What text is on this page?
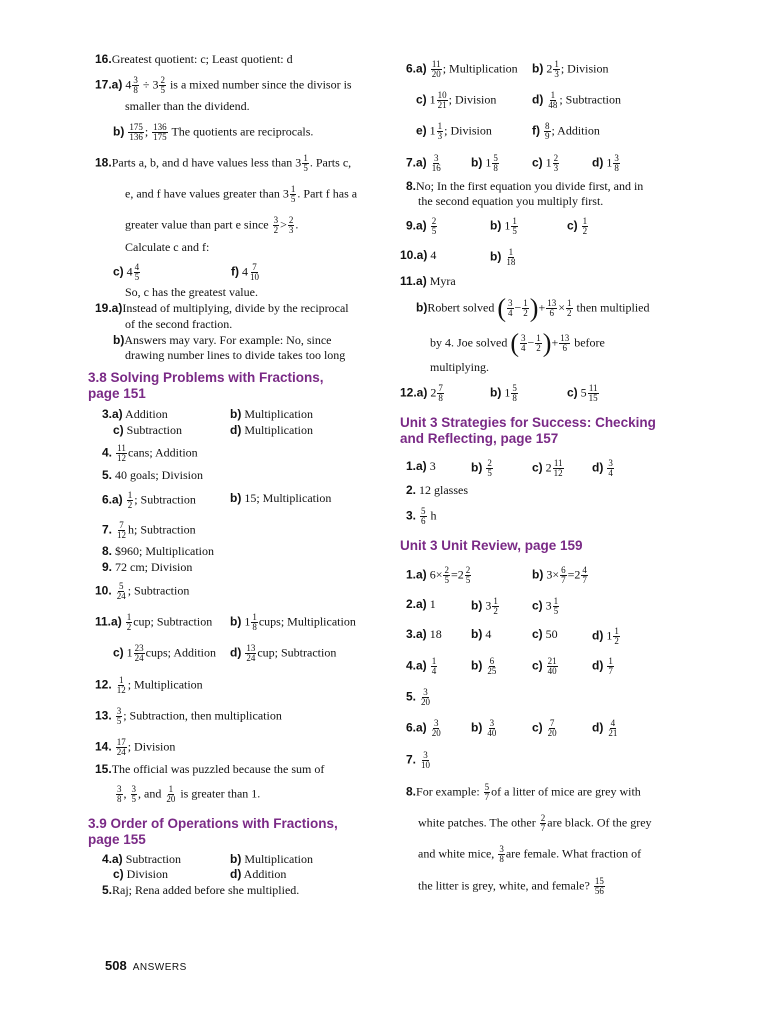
16.Greatest quotient: c; Least quotient: d
17.a) $4 \frac{3}{8} \div 3 \frac{2}{5}$ is a mixed number since the divisor is
smaller than the dividend.
$b) \frac{175}{136}$ ; $\frac{136}{175}$ The quotients are reciprocals.
18.Parts a, b, and d have values less than $3 \frac{1}{5}$ . Parts c,
e, and f have values greater than $3 \frac{1}{5}$ . Part f has a
greater value than part e since $\frac{3}{2} > \frac{2}{3}$ .
Calculate c and f:
c) $4 \frac{4}{5}$	f) $4 \frac{7}{10}$
So, c has the greatest value.
19.a)Instead of multiplying, divide by the reciprocal
of the second fraction.
b)Answers may vary. For example: No, since
drawing number lines to divide takes too long
3.8 Solving Problems with Fractions,
page 151
3.a) Addition	b) Multiplication
c) Subtraction	d) Multiplication
4. $\frac{11}{12}$ cans; Addition
5. 40 goals; Division
$6.a) \frac{1}{2}$ ; Subtraction	b) 15; Multiplication
7. $\frac{7}{12} h$; Subtraction
8. $960; Multiplication
9. 72 cm; Division
10. $\frac{5}{24}$ ; Subtraction
$11.a) \frac{1}{2}$ cup; Subtraction b) $1 \frac{1}{8}$ cups; Multiplication
c) $1 \frac{23}{24}$ cups; Addition $d) \frac{13}{24}$ cup; Subtraction
12. $\frac{1}{12}$ ; Multiplication
13. $\frac{3}{5}$ ; Subtraction, then multiplication
14. $\frac{17}{24}$ ; Division
15.The official was puzzled because the sum of
$\frac{3}{8}$ , $\frac{3}{5}$ , and $\frac{1}{20}$ is greater than 1.
3.9 Order of Operations with Fractions,
page 155
4.a) Subtraction	b) Multiplication
c) Division	d) Addition
5.Raj; Rena added before she multiplied.
$6.a) \frac{11}{20}$ ; Multiplication b) $2 \frac{1}{3}$ ; Division
c) $1 \frac{10}{21}$ ; Division	$d) \frac{1}{48}$ ; Subtraction
e) $1 \frac{1}{3}$ ; Division	$f) \frac{8}{9}$ ; Addition
$7.a) \frac{3}{16} b$) $1 \frac{5}{8}$	c) $1 \frac{2}{3}$	d) $1 \frac{3}{8}$
8.No; In the first equation you divide first, and in
the second equation you multiply first.
$9.a) \frac{2}{5}$	b) $1 \frac{1}{5}$	$c) \frac{1}{2}$
10.a) 4	$b) \frac{1}{18}$
11.a) Myra
b)Robert solved ( $\frac{3}{4} - \frac{1}{2}$ )+ $\frac{13}{6} \times \frac{1}{2}$ then multiplied
by 4. Joe solved ( $\frac{3}{4} - \frac{1}{2}$ )+ $\frac{13}{6}$ before
multiplying.
12.a) $2 \frac{7}{8}$	b) $1 \frac{5}{8}$	c) $5 \frac{11}{15}$
Unit 3 Strategies for Success: Checking
and Reflecting, page 157
1.a) 3	$b) \frac{2}{5}$	c) $2 \frac{11}{12} d) \frac{3}{4}$
2. 12 glasses
3. $\frac{5}{6}$ h
Unit 3 Unit Review, page 159
1.a) $6\times \frac{2}{5} =2 \frac{2}{5}$	b) $3\times \frac{6}{7} =2 \frac{4}{7}$
2.a) 1	b) $3 \frac{1}{2}$	c) $3 \frac{1}{5}$
3.a) 18 b) 4	c) 50	d) $1 \frac{1}{2}$
$4.a) \frac{1}{4}$	$b) \frac{6}{25}$	$c) \frac{21}{40}$	$d) \frac{1}{7}$
5. $\frac{3}{20}$
$6.a) \frac{3}{20} b) \frac{3}{40}$	$c) \frac{7}{20}$	$d) \frac{4}{21}$
7. $\frac{3}{10}$
8.For example: $\frac{5}{7}$ of a litter of mice are grey with
white patches. The other $\frac{2}{7}$ are black. Of the grey
and white mice, $\frac{3}{8}$ are female. What fraction of
the litter is grey, white, and female? $\frac{15}{56}$
508 ANSWERS
